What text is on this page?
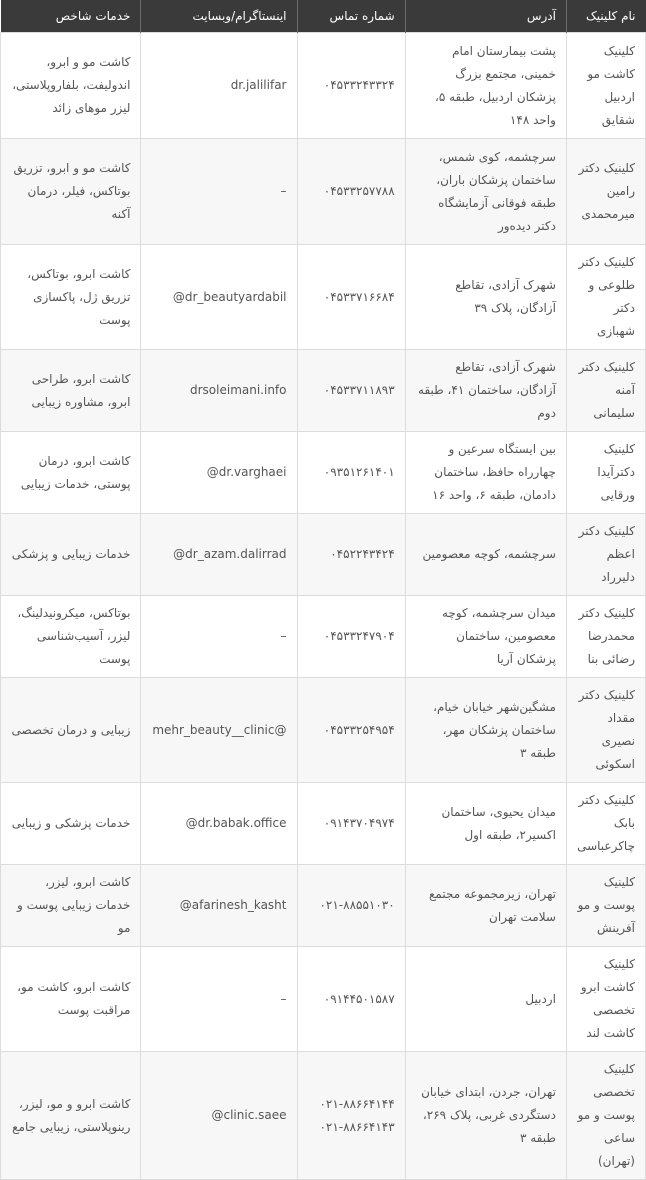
نام کلینیک	آدرس	شماره تماس	اینستاگرام/وبسایت	خدمات شاخص
کلینیک کاشت مو اردبیل شقایق	پشت بیمارستان امام خمینی، مجتمع بزرگ پزشکان اردبیل، طبقه ۵، واحد ۱۴۸	۰۴۵۳۳۲۴۳۳۲۴	dr.jalilifar	کاشت مو و ابرو، اندولیفت، بلفاروپلاستی، لیزر موهای زائد
کلینیک دکتر رامین میرمحمدی	سرچشمه، کوی شمس، ساختمان پزشکان باران، طبقه فوقانی آزمایشگاه دکتر دیده‌ور	۰۴۵۳۳۲۵۷۷۸۸	–	کاشت مو و ابرو، تزریق بوتاکس، فیلر، درمان آکنه
کلینیک دکتر طلوعی و دکتر شهبازی	شهرک آزادی، تقاطع آزادگان، پلاک ۳۹	۰۴۵۳۳۷۱۶۶۸۴	@dr_beautyardabil	کاشت ابرو، بوتاکس، تزریق ژل، پاکسازی پوست
کلینیک دکتر آمنه سلیمانی	شهرک آزادی، تقاطع آزادگان، ساختمان ۴۱، طبقه دوم	۰۴۵۳۳۷۱۱۸۹۳	drsoleimani.info	کاشت ابرو، طراحی ابرو، مشاوره زیبایی
کلینیک دکترآیدا ورقایی	بین ایستگاه سرعین و چهارراه حافظ، ساختمان دادمان، طبقه ۶، واحد ۱۶	۰۹۳۵۱۲۶۱۴۰۱	@dr.varghaei	کاشت ابرو، درمان پوستی، خدمات زیبایی
کلینیک دکتر اعظم دلیرراد	سرچشمه، کوچه معصومین	۰۴۵۲۲۴۳۴۲۴	@dr_azam.dalirrad	خدمات زیبایی و پزشکی
کلینیک دکتر محمدرضا رضائی بنا	میدان سرچشمه، کوچه معصومین، ساختمان پزشکان آریا	۰۴۵۳۳۲۴۷۹۰۴	–	بوتاکس، میکرونیدلینگ، لیزر، آسیب‌شناسی پوست
کلینیک دکتر مقداد نصیری اسکوئی	مشگین‌شهر خیابان خیام، ساختمان پزشکان مهر، طبقه ۳	۰۴۵۳۳۲۵۴۹۵۴	mehr_beauty__clinic@	زیبایی و درمان تخصصی
کلینیک دکتر بابک چاکرعباسی	میدان یحیوی، ساختمان اکسیر۲، طبقه اول	۰۹۱۴۳۷۰۴۹۷۴	@dr.babak.office	خدمات پزشکی و زیبایی
کلینیک پوست و مو آفرینش	تهران، زیرمجموعه مجتمع سلامت تهران	۰۲۱-۸۸۵۵۱۰۳۰	@afarinesh_kasht	کاشت ابرو، لیزر، خدمات زیبایی پوست و مو
کلینیک کاشت ابرو تخصصی کاشت لند	اردبیل	۰۹۱۴۴۵۰۱۵۸۷	–	کاشت ابرو، کاشت مو، مراقبت پوست
کلینیک تخصصی پوست و مو ساعی (تهران)	تهران، جردن، ابتدای خیابان دستگردی غربی، پلاک ۲۶۹، طبقه ۳	۰۲۱-۸۸۶۶۴۱۴۴ ۰۲۱-۸۸۶۶۴۱۴۳	@clinic.saee	کاشت ابرو و مو، لیزر، رینوپلاستی، زیبایی جامع
